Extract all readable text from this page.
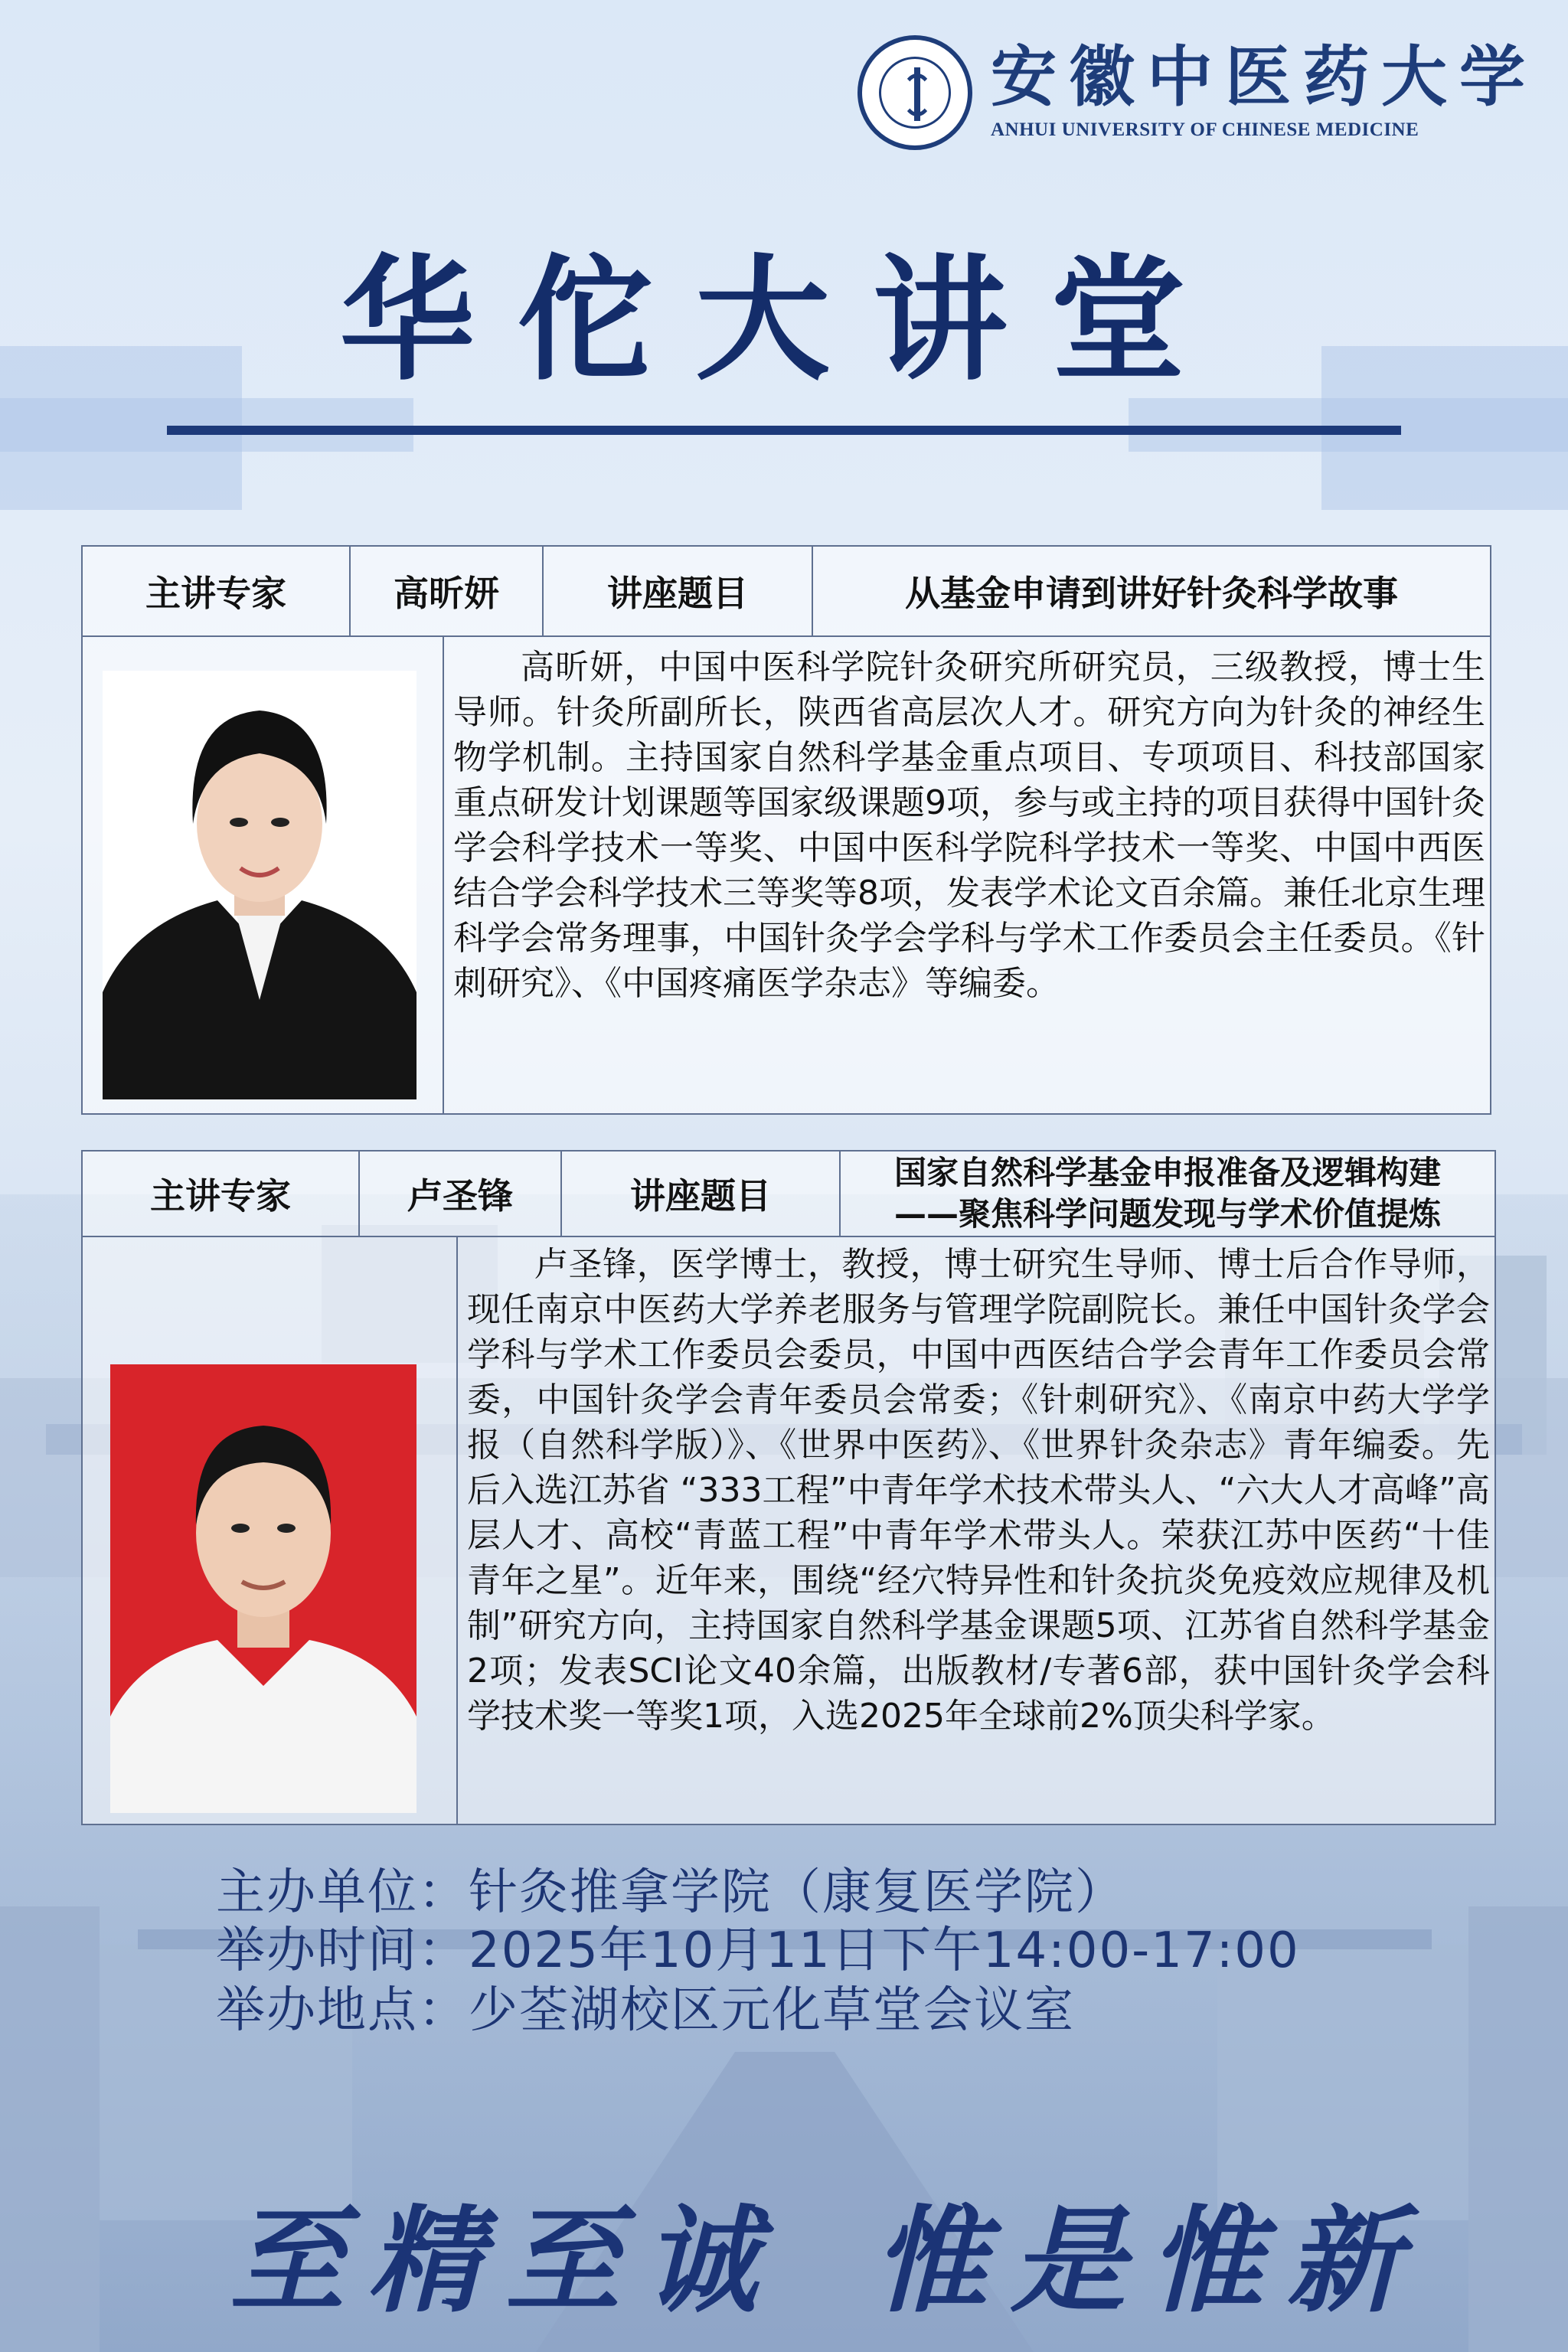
安徽中医药大学
ANHUI UNIVERSITY OF CHINESE MEDICINE
华佗大讲堂
主讲专家	高昕妍	讲座题目	从基金申请到讲好针灸科学故事
高昕妍，中国中医科学院针灸研究所研究员，三级教授，博士生导师。针灸所副所长，陕西省高层次人才。研究方向为针灸的神经生物学机制。主持国家自然科学基金重点项目、专项项目、科技部国家重点研发计划课题等国家级课题9项，参与或主持的项目获得中国针灸学会科学技术一等奖、中国中医科学院科学技术一等奖、中国中西医结合学会科学技术三等奖等8项，发表学术论文百余篇。兼任北京生理科学会常务理事，中国针灸学会学科与学术工作委员会主任委员。《针刺研究》、《中国疼痛医学杂志》等编委。
主讲专家	卢圣锋	讲座题目
国家自然科学基金申报准备及逻辑构建
——聚焦科学问题发现与学术价值提炼
卢圣锋，医学博士，教授，博士研究生导师、博士后合作导师，现任南京中医药大学养老服务与管理学院副院长。兼任中国针灸学会学科与学术工作委员会委员，中国中西医结合学会青年工作委员会常委，中国针灸学会青年委员会常委；《针刺研究》、《南京中药大学学报（自然科学版）》、《世界中医药》、《世界针灸杂志》青年编委。先后入选江苏省 “333工程”中青年学术技术带头人、“六大人才高峰”高层人才、高校“青蓝工程”中青年学术带头人。荣获江苏中医药“十佳青年之星”。近年来，围绕“经穴特异性和针灸抗炎免疫效应规律及机制”研究方向，主持国家自然科学基金课题5项、江苏省自然科学基金2项；发表SCI论文40余篇，出版教材/专著6部，获中国针灸学会科学技术奖一等奖1项，入选2025年全球前2%顶尖科学家。
主办单位：针灸推拿学院（康复医学院）
举办时间：2025年10月11日下午14:00-17:00
举办地点：少荃湖校区元化草堂会议室
至精至诚 惟是惟新
